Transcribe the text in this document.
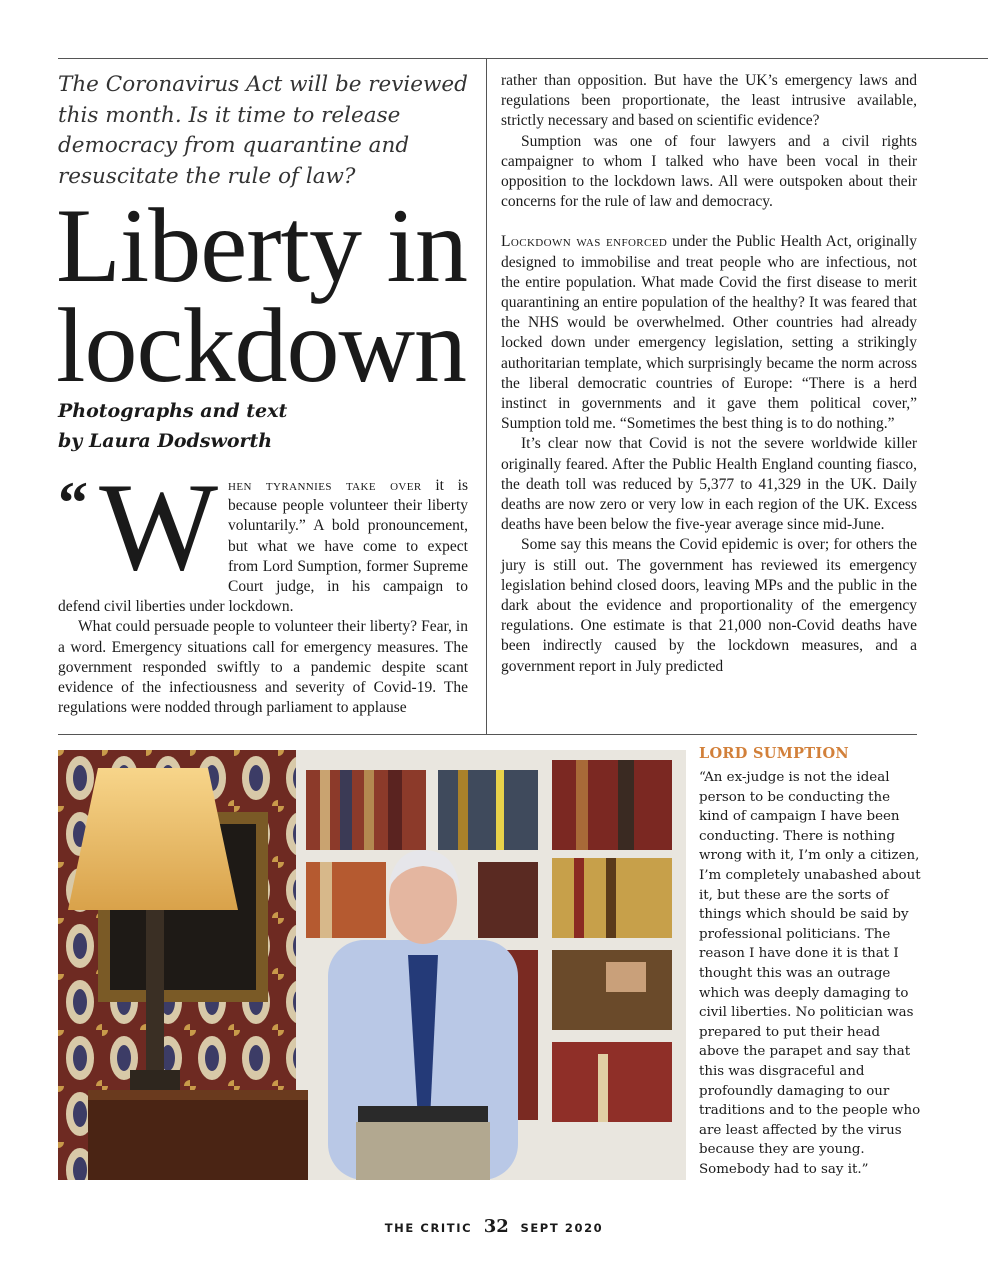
The Coronavirus Act will be reviewed this month. Is it time to release democracy from quarantine and resuscitate the rule of law?

Liberty in
lockdown

Photographs and text
by Laura Dodsworth

“ W hen tyrannies take over it is because people volunteer their liberty voluntarily.” A bold pronouncement, but what we have come to expect from Lord Sumption, former Supreme Court judge, in his campaign to defend civil liberties under lockdown.

What could persuade people to volunteer their liberty? Fear, in a word. Emergency situations call for emergency measures. The government responded swiftly to a pandemic despite scant evidence of the infectiousness and severity of Covid-19. The regulations were nodded through parliament to applause

rather than opposition. But have the UK’s emergency laws and regulations been proportionate, the least intrusive available, strictly necessary and based on scientific evidence?

Sumption was one of four lawyers and a civil rights campaigner to whom I talked who have been vocal in their opposition to the lockdown laws. All were outspoken about their concerns for the rule of law and democracy.

Lockdown was enforced under the Public Health Act, originally designed to immobilise and treat people who are infectious, not the entire population. What made Covid the first disease to merit quarantining an entire population of the healthy? It was feared that the NHS would be overwhelmed. Other countries had already locked down under emergency legislation, setting a strikingly authoritarian template, which surprisingly became the norm across the liberal democratic countries of Europe: “There is a herd instinct in governments and it gave them political cover,” Sumption told me. “Sometimes the best thing is to do nothing.”

It’s clear now that Covid is not the severe worldwide killer originally feared. After the Public Health England counting fiasco, the death toll was reduced by 5,377 to 41,329 in the UK. Daily deaths are now zero or very low in each region of the UK. Excess deaths have been below the five-year average since mid-June.

Some say this means the Covid epidemic is over; for others the jury is still out. The government has reviewed its emergency legislation behind closed doors, leaving MPs and the public in the dark about the evidence and proportionality of the emergency regulations. One estimate is that 21,000 non-Covid deaths have been indirectly caused by the lockdown measures, and a government report in July predicted

LORD SUMPTION

“An ex-judge is not the ideal person to be conducting the kind of campaign I have been conducting. There is nothing wrong with it, I’m only a citizen, I’m completely unabashed about it, but these are the sorts of things which should be said by professional politicians. The reason I have done it is that I thought this was an outrage which was deeply damaging to civil liberties. No politician was prepared to put their head above the parapet and say that this was disgraceful and profoundly damaging to our traditions and to the people who are least affected by the virus because they are young. Somebody had to say it.”

THE CRITIC 32 SEPT 2020
